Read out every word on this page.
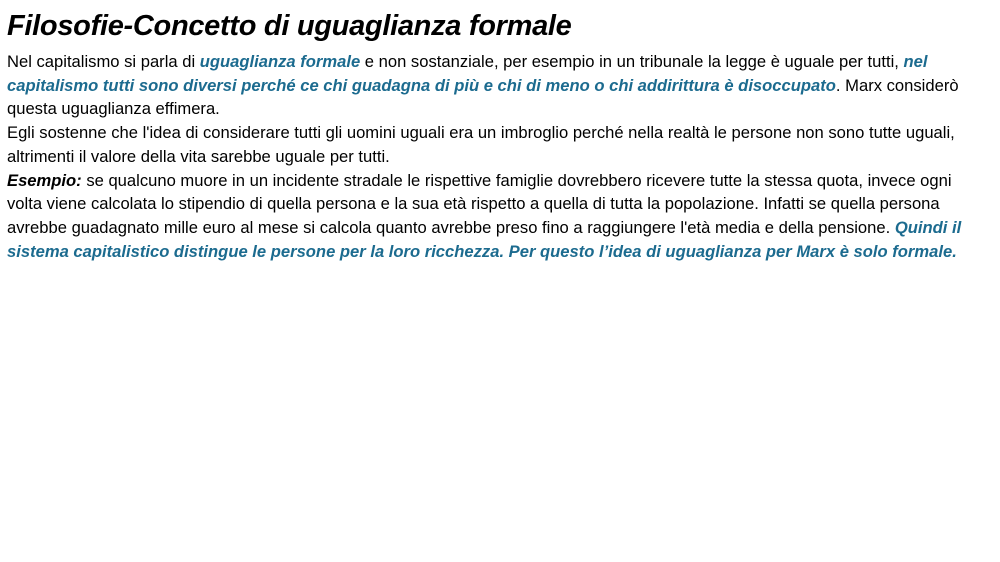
Filosofie-Concetto di uguaglianza formale

Nel capitalismo si parla di uguaglianza formale e non sostanziale, per esempio in un tribunale la legge è uguale per tutti, nel capitalismo tutti sono diversi perché ce chi guadagna di più e chi di meno o chi addirittura è disoccupato. Marx considerò questa uguaglianza effimera.

Egli sostenne che l'idea di considerare tutti gli uomini uguali era un imbroglio perché nella realtà le persone non sono tutte uguali, altrimenti il valore della vita sarebbe uguale per tutti.

Esempio: se qualcuno muore in un incidente stradale le rispettive famiglie dovrebbero ricevere tutte la stessa quota, invece ogni volta viene calcolata lo stipendio di quella persona e la sua età rispetto a quella di tutta la popolazione. Infatti se quella persona avrebbe guadagnato mille euro al mese si calcola quanto avrebbe preso fino a raggiungere l'età media e della pensione. Quindi il sistema capitalistico distingue le persone per la loro ricchezza. Per questo l’idea di uguaglianza per Marx è solo formale.
